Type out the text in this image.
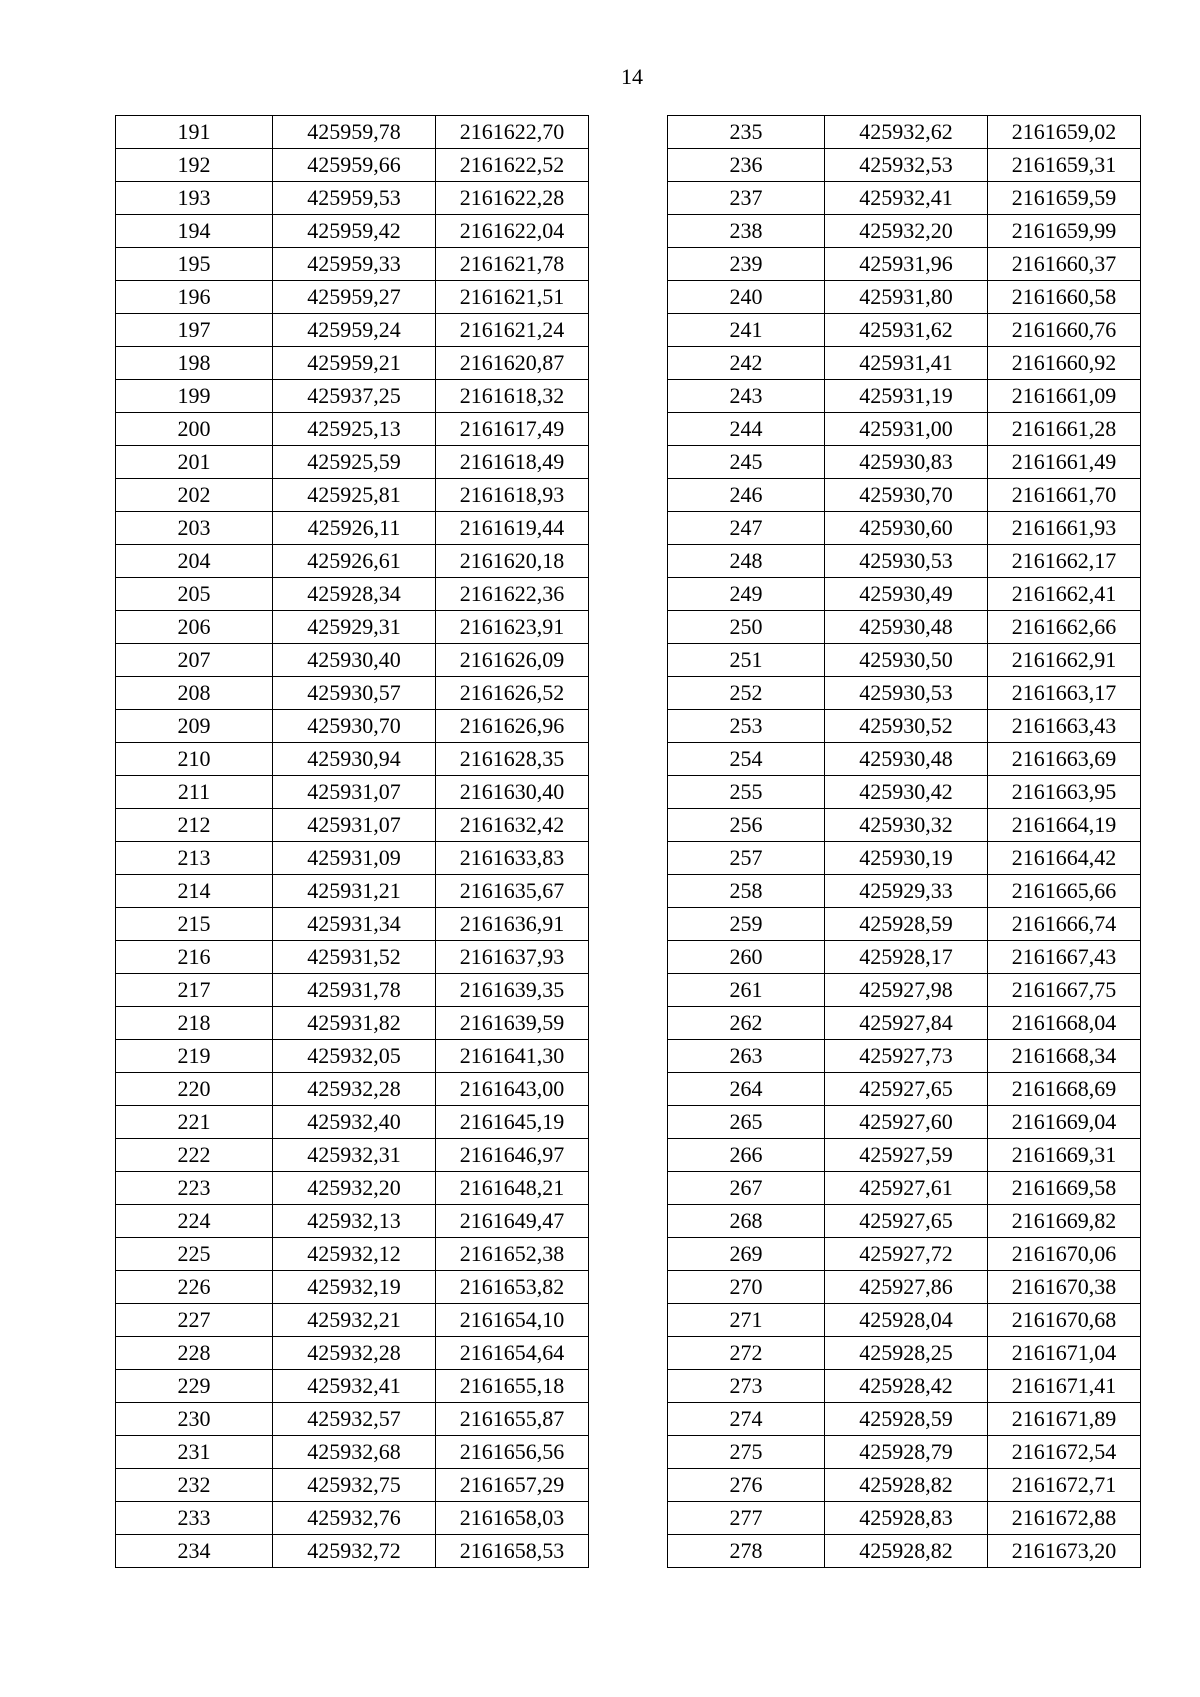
14
191	425959,78	2161622,70
192	425959,66	2161622,52
193	425959,53	2161622,28
194	425959,42	2161622,04
195	425959,33	2161621,78
196	425959,27	2161621,51
197	425959,24	2161621,24
198	425959,21	2161620,87
199	425937,25	2161618,32
200	425925,13	2161617,49
201	425925,59	2161618,49
202	425925,81	2161618,93
203	425926,11	2161619,44
204	425926,61	2161620,18
205	425928,34	2161622,36
206	425929,31	2161623,91
207	425930,40	2161626,09
208	425930,57	2161626,52
209	425930,70	2161626,96
210	425930,94	2161628,35
211	425931,07	2161630,40
212	425931,07	2161632,42
213	425931,09	2161633,83
214	425931,21	2161635,67
215	425931,34	2161636,91
216	425931,52	2161637,93
217	425931,78	2161639,35
218	425931,82	2161639,59
219	425932,05	2161641,30
220	425932,28	2161643,00
221	425932,40	2161645,19
222	425932,31	2161646,97
223	425932,20	2161648,21
224	425932,13	2161649,47
225	425932,12	2161652,38
226	425932,19	2161653,82
227	425932,21	2161654,10
228	425932,28	2161654,64
229	425932,41	2161655,18
230	425932,57	2161655,87
231	425932,68	2161656,56
232	425932,75	2161657,29
233	425932,76	2161658,03
234	425932,72	2161658,53
235	425932,62	2161659,02
236	425932,53	2161659,31
237	425932,41	2161659,59
238	425932,20	2161659,99
239	425931,96	2161660,37
240	425931,80	2161660,58
241	425931,62	2161660,76
242	425931,41	2161660,92
243	425931,19	2161661,09
244	425931,00	2161661,28
245	425930,83	2161661,49
246	425930,70	2161661,70
247	425930,60	2161661,93
248	425930,53	2161662,17
249	425930,49	2161662,41
250	425930,48	2161662,66
251	425930,50	2161662,91
252	425930,53	2161663,17
253	425930,52	2161663,43
254	425930,48	2161663,69
255	425930,42	2161663,95
256	425930,32	2161664,19
257	425930,19	2161664,42
258	425929,33	2161665,66
259	425928,59	2161666,74
260	425928,17	2161667,43
261	425927,98	2161667,75
262	425927,84	2161668,04
263	425927,73	2161668,34
264	425927,65	2161668,69
265	425927,60	2161669,04
266	425927,59	2161669,31
267	425927,61	2161669,58
268	425927,65	2161669,82
269	425927,72	2161670,06
270	425927,86	2161670,38
271	425928,04	2161670,68
272	425928,25	2161671,04
273	425928,42	2161671,41
274	425928,59	2161671,89
275	425928,79	2161672,54
276	425928,82	2161672,71
277	425928,83	2161672,88
278	425928,82	2161673,20
